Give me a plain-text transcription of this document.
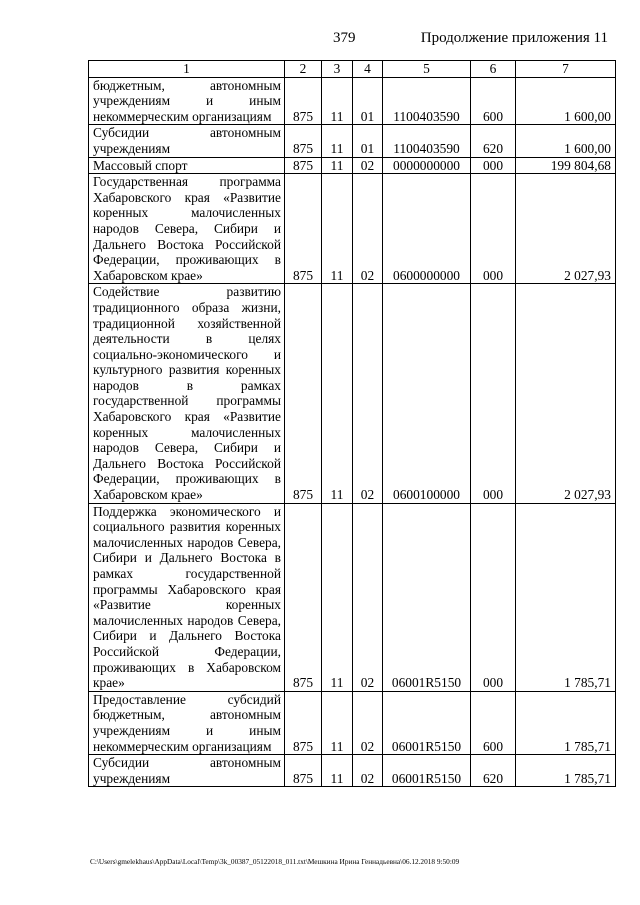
379	Продолжение приложения 11
1	2	3	4	5	6	7
бюджетным, автономным учреждениям и иным некоммерческим организациям	875	11	01	1100403590	600	1 600,00
Субсидии автономным учреждениям	875	11	01	1100403590	620	1 600,00
Массовый спорт	875	11	02	0000000000	000	199 804,68
Государственная программа Хабаровского края «Развитие коренных малочисленных народов Севера, Сибири и Дальнего Востока Российской Федерации, проживающих в Хабаровском крае»	875	11	02	0600000000	000	2 027,93
Содействие развитию традиционного образа жизни, традиционной хозяйственной деятельности в целях социально-экономического и культурного развития коренных народов в рамках государственной программы Хабаровского края «Развитие коренных малочисленных народов Севера, Сибири и Дальнего Востока Российской Федерации, проживающих в Хабаровском крае»	875	11	02	0600100000	000	2 027,93
Поддержка экономического и социального развития коренных малочисленных народов Севера, Сибири и Дальнего Востока в рамках государственной программы Хабаровского края «Развитие коренных малочисленных народов Севера, Сибири и Дальнего Востока Российской Федерации, проживающих в Хабаровском крае»	875	11	02	06001R5150	000	1 785,71
Предоставление субсидий бюджетным, автономным учреждениям и иным некоммерческим организациям	875	11	02	06001R5150	600	1 785,71
Субсидии автономным учреждениям	875	11	02	06001R5150	620	1 785,71
C:\Users\gmelekhaus\AppData\Local\Temp\3k_00387_05122018_011.txt\Мешкина Ирина Геннадьевна\06.12.2018 9:50:09
